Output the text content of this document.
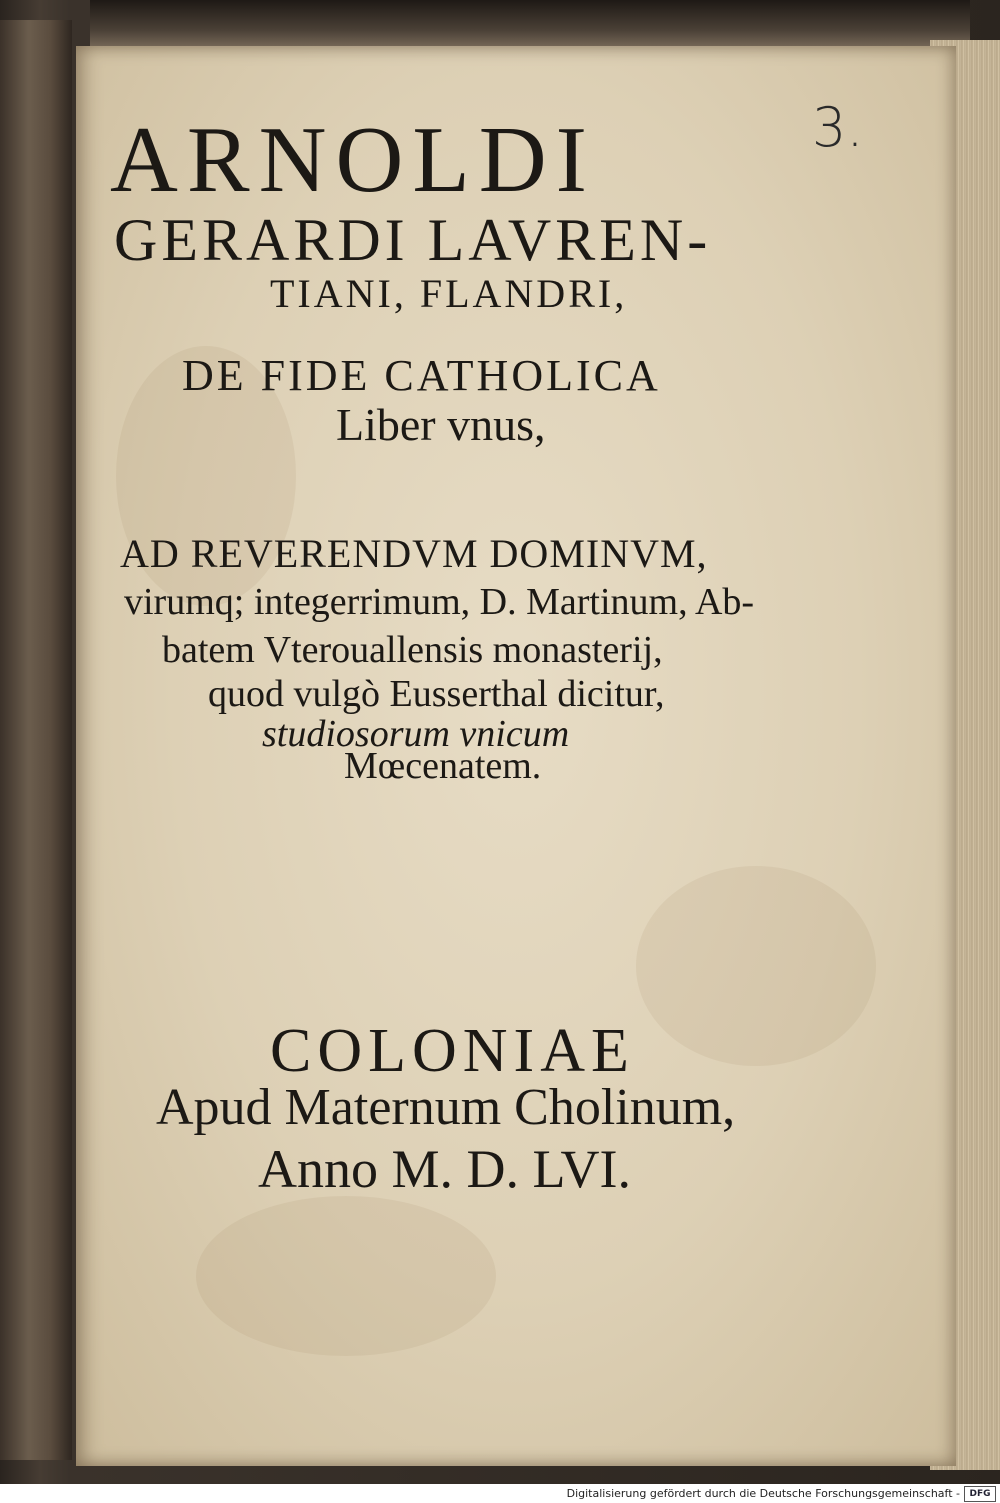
3.
ARNOLDI
GERARDI LAVREN-
TIANI, FLANDRI,
DE FIDE CATHOLICA
Liber vnus,
AD REVERENDVM DOMINVM,
virumq; integerrimum, D. Martinum, Ab-
batem Vterouallensis monasterij,
quod vulgò Eusserthal dicitur,
studiosorum vnicum
Mœcenatem.
COLONIAE
Apud Maternum Cholinum,
Anno M. D. LVI.
Digitalisierung gefördert durch die Deutsche Forschungsgemeinschaft -	DFG
